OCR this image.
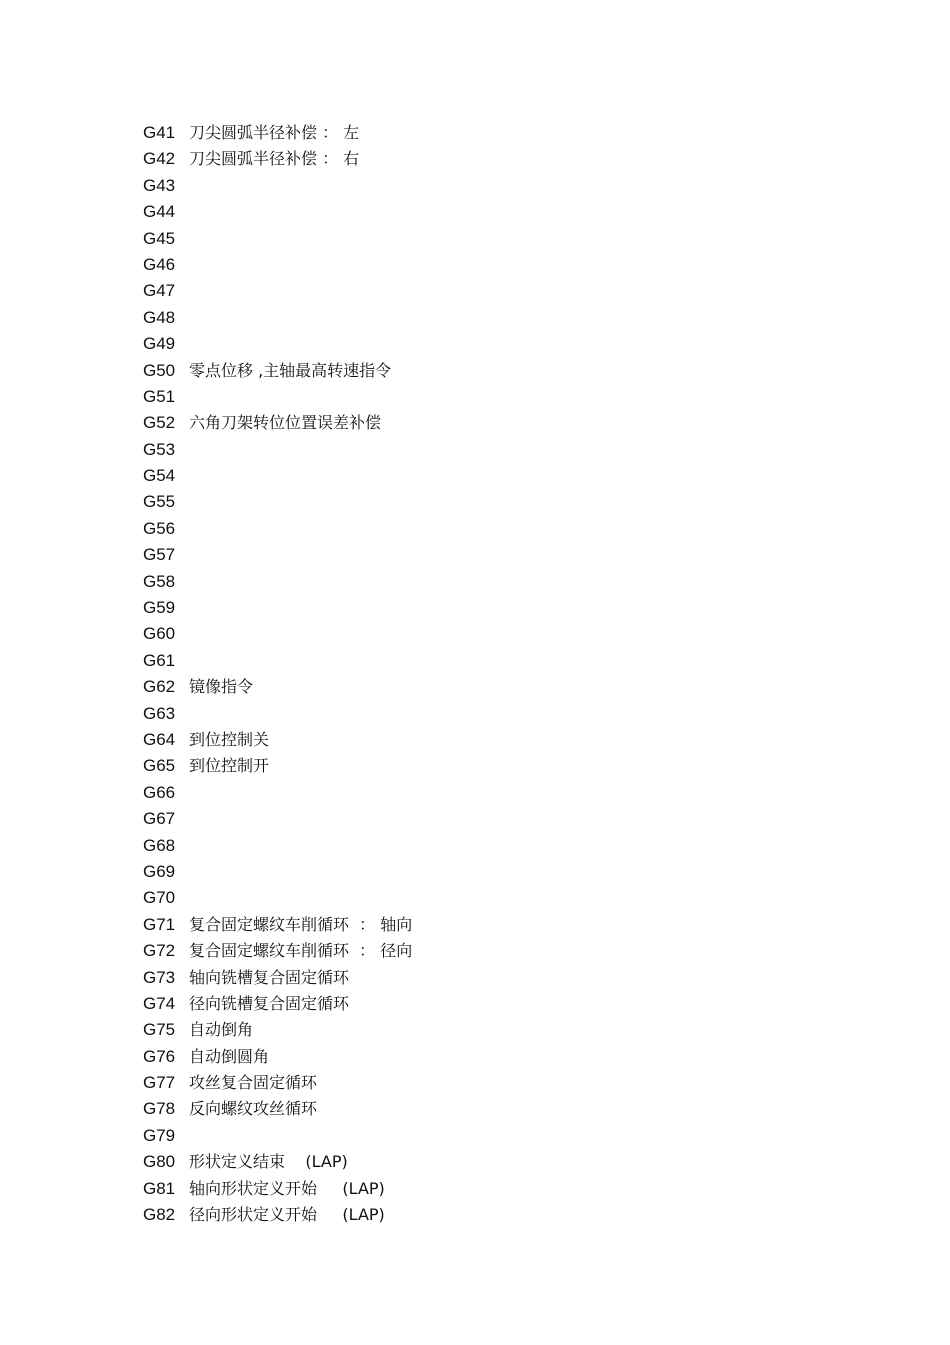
G41 刀尖圆弧半径补偿 ： 左
G42 刀尖圆弧半径补偿 ： 右
G43
G44
G45
G46
G47
G48
G49
G50 零点位移 ,主轴最高转速指令
G51
G52 六角刀架转位位置误差补偿
G53
G54
G55
G56
G57
G58
G59
G60
G61
G62 镜像指令
G63
G64 到位控制关
G65 到位控制开
G66
G67
G68
G69
G70
G71 复合固定螺纹车削循环  ： 轴向
G72 复合固定螺纹车削循环  ： 径向
G73 轴向铣槽复合固定循环
G74 径向铣槽复合固定循环
G75 自动倒角
G76 自动倒圆角
G77 攻丝复合固定循环
G78 反向螺纹攻丝循环
G79
G80 形状定义结束    (LAP)
G81 轴向形状定义开始     (LAP)
G82 径向形状定义开始     (LAP)
